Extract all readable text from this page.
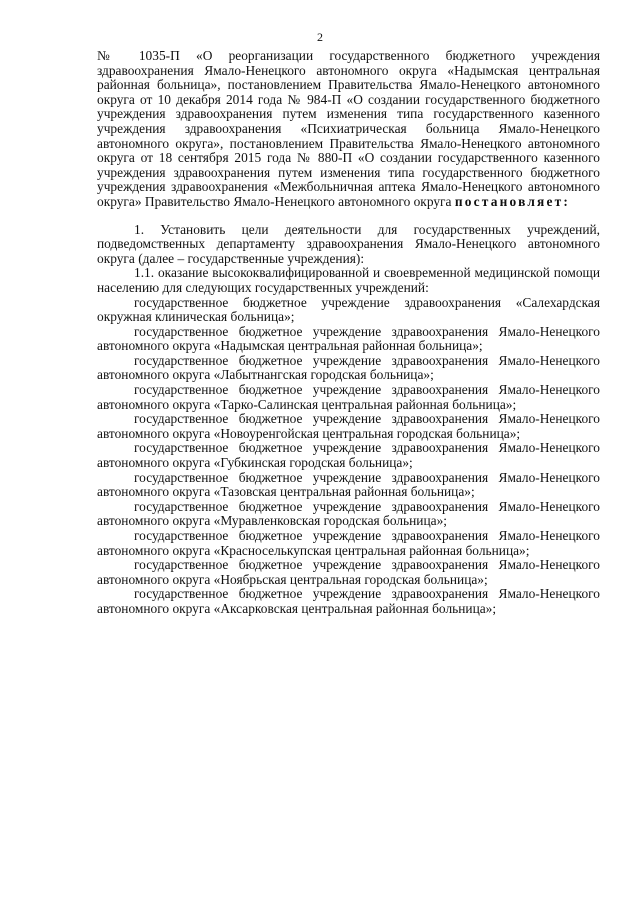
2

№ 1035-П «О реорганизации государственного бюджетного учреждения здравоохранения Ямало-Ненецкого автономного округа «Надымская центральная районная больница», постановлением Правительства Ямало-Ненецкого автономного округа от 10 декабря 2014 года № 984-П «О создании государственного бюджетного учреждения здравоохранения путем изменения типа государственного казенного учреждения здравоохранения «Психиатрическая больница Ямало-Ненецкого автономного округа», постановлением Правительства Ямало-Ненецкого автономного округа от 18 сентября 2015 года № 880-П «О создании государственного казенного учреждения здравоохранения путем изменения типа государственного бюджетного учреждения здравоохранения «Межбольничная аптека Ямало-Ненецкого автономного округа» Правительство Ямало-Ненецкого автономного округа постановляет:

1. Установить цели деятельности для государственных учреждений, подведомственных департаменту здравоохранения Ямало-Ненецкого автономного округа (далее – государственные учреждения):

1.1. оказание высококвалифицированной и своевременной медицинской помощи населению для следующих государственных учреждений:

государственное бюджетное учреждение здравоохранения «Салехардская окружная клиническая больница»;

государственное бюджетное учреждение здравоохранения Ямало-Ненецкого автономного округа «Надымская центральная районная больница»;

государственное бюджетное учреждение здравоохранения Ямало-Ненецкого автономного округа «Лабытнангская городская больница»;

государственное бюджетное учреждение здравоохранения Ямало-Ненецкого автономного округа «Тарко-Салинская центральная районная больница»;

государственное бюджетное учреждение здравоохранения Ямало-Ненецкого автономного округа «Новоуренгойская центральная городская больница»;

государственное бюджетное учреждение здравоохранения Ямало-Ненецкого автономного округа «Губкинская городская больница»;

государственное бюджетное учреждение здравоохранения Ямало-Ненецкого автономного округа «Тазовская центральная районная больница»;

государственное бюджетное учреждение здравоохранения Ямало-Ненецкого автономного округа «Муравленковская городская больница»;

государственное бюджетное учреждение здравоохранения Ямало-Ненецкого автономного округа «Красноселькупская центральная районная больница»;

государственное бюджетное учреждение здравоохранения Ямало-Ненецкого автономного округа «Ноябрьская центральная городская больница»;

государственное бюджетное учреждение здравоохранения Ямало-Ненецкого автономного округа «Аксарковская центральная районная больница»;
